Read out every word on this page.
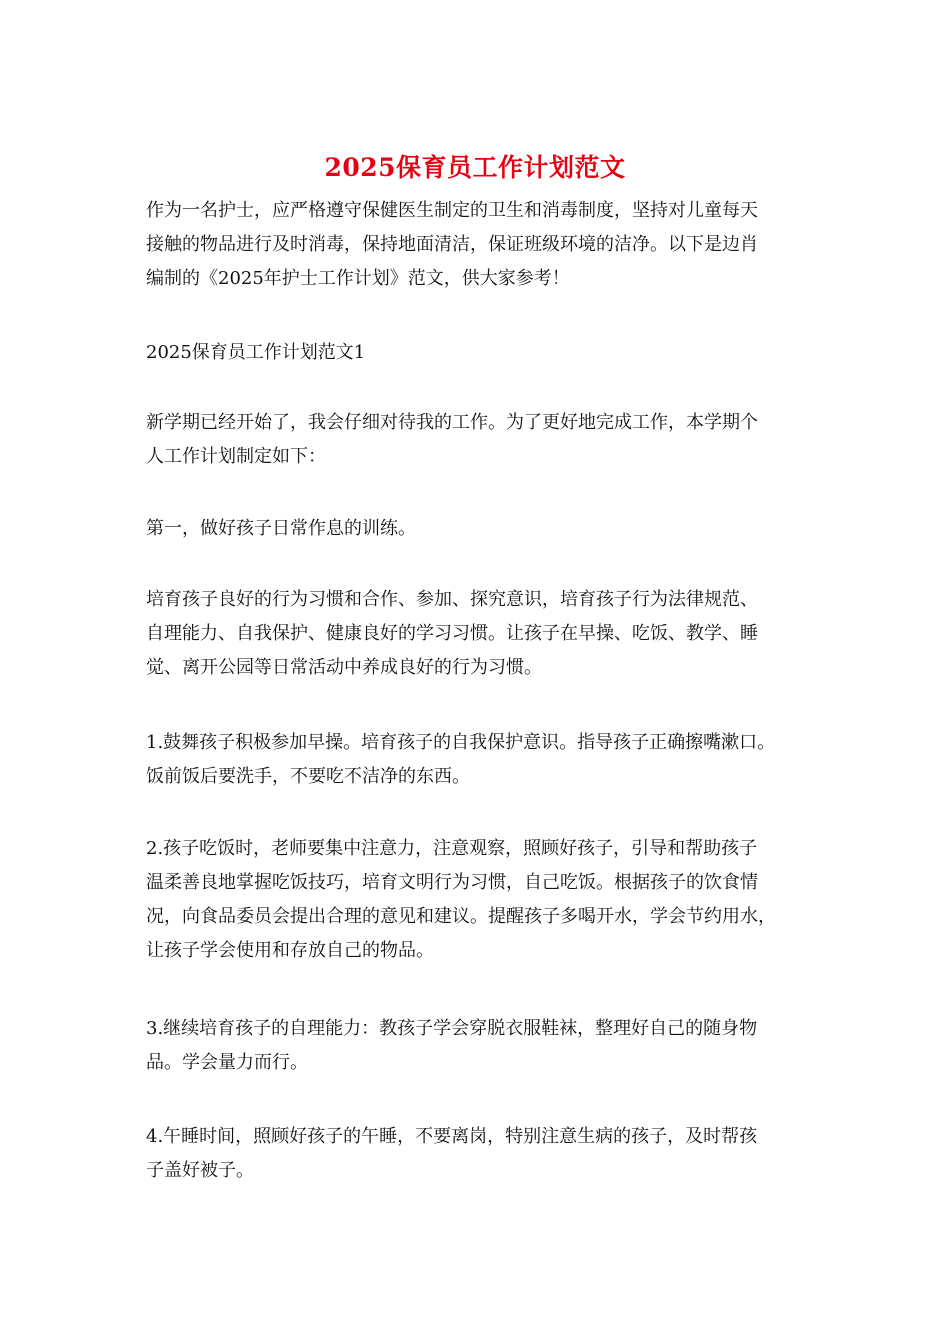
2025保育员工作计划范文

作为一名护士，应严格遵守保健医生制定的卫生和消毒制度，坚持对儿童每天
接触的物品进行及时消毒，保持地面清洁，保证班级环境的洁净。以下是边肖
编制的《2025年护士工作计划》范文，供大家参考！

2025保育员工作计划范文1

新学期已经开始了，我会仔细对待我的工作。为了更好地完成工作，本学期个
人工作计划制定如下：

第一，做好孩子日常作息的训练。

培育孩子良好的行为习惯和合作、参加、探究意识，培育孩子行为法律规范、
自理能力、自我保护、健康良好的学习习惯。让孩子在早操、吃饭、教学、睡
觉、离开公园等日常活动中养成良好的行为习惯。

1.鼓舞孩子积极参加早操。培育孩子的自我保护意识。指导孩子正确擦嘴漱口。
饭前饭后要洗手，不要吃不洁净的东西。

2.孩子吃饭时，老师要集中注意力，注意观察，照顾好孩子，引导和帮助孩子
温柔善良地掌握吃饭技巧，培育文明行为习惯，自己吃饭。根据孩子的饮食情
况，向食品委员会提出合理的意见和建议。提醒孩子多喝开水，学会节约用水，
让孩子学会使用和存放自己的物品。

3.继续培育孩子的自理能力：教孩子学会穿脱衣服鞋袜，整理好自己的随身物
品。学会量力而行。

4.午睡时间，照顾好孩子的午睡，不要离岗，特别注意生病的孩子，及时帮孩
子盖好被子。
